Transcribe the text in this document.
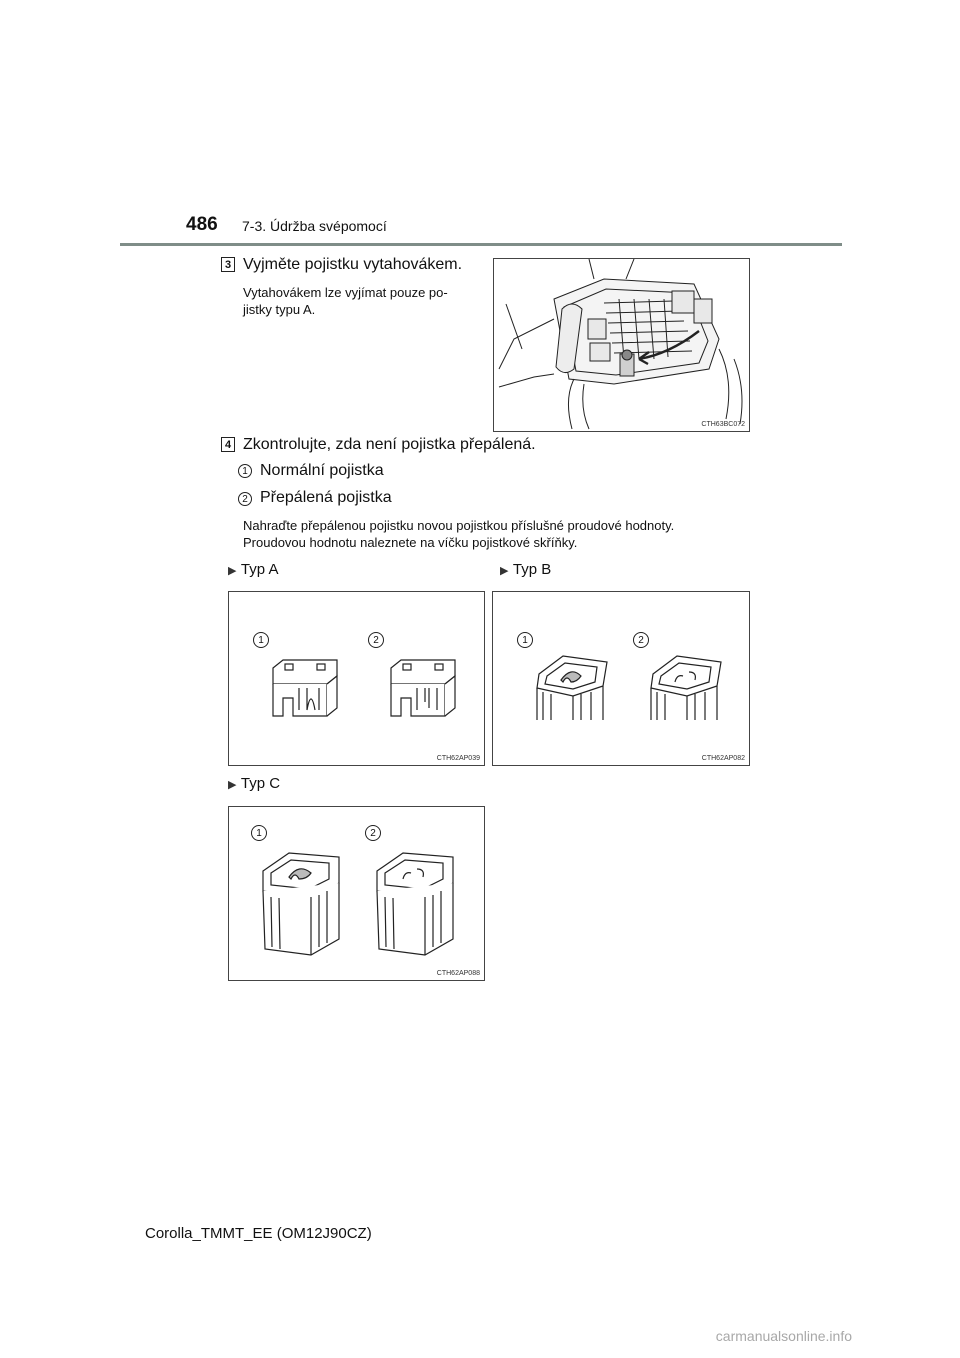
486 7-3. Údržba svépomocí
3 Vyjměte pojistku vytahovákem.
Vytahovákem lze vyjímat pouze po-
jistky typu A.
CTH63BC072
4 Zkontrolujte, zda není pojistka přepálená.
1 Normální pojistka
2 Přepálená pojistka
Nahraďte přepálenou pojistku novou pojistkou příslušné proudové hodnoty.
Proudovou hodnotu naleznete na víčku pojistkové skříňky.
▶ Typ A	▶ Typ B
1	2
CTH62AP039
1	2
CTH62AP082
▶ Typ C
1	2
CTH62AP088
Corolla_TMMT_EE (OM12J90CZ)
carmanualsonline.info
